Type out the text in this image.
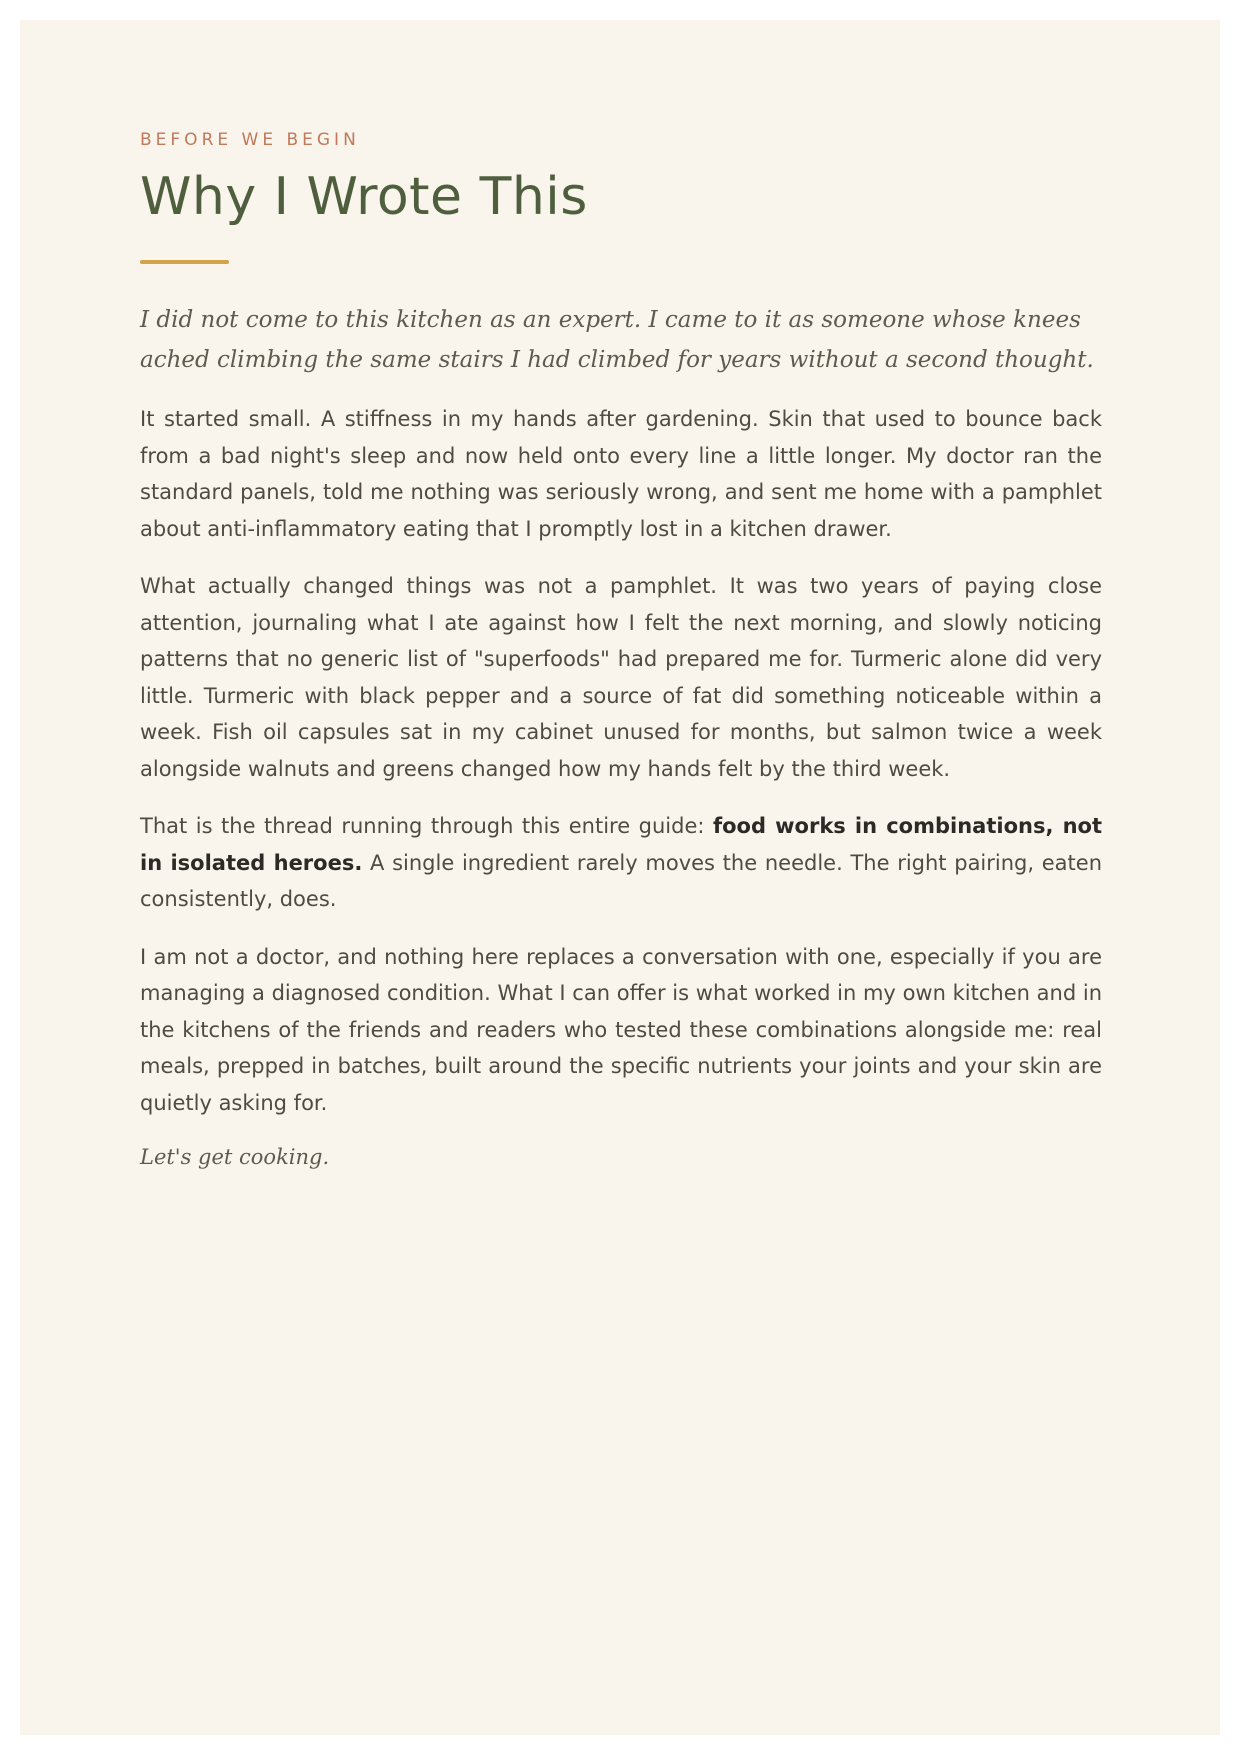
BEFORE WE BEGIN

Why I Wrote This

I did not come to this kitchen as an expert. I came to it as someone whose knees ached climbing the same stairs I had climbed for years without a second thought.

It started small. A stiffness in my hands after gardening. Skin that used to bounce back from a bad night's sleep and now held onto every line a little longer. My doctor ran the standard panels, told me nothing was seriously wrong, and sent me home with a pamphlet about anti-inflammatory eating that I promptly lost in a kitchen drawer.

What actually changed things was not a pamphlet. It was two years of paying close attention, journaling what I ate against how I felt the next morning, and slowly noticing patterns that no generic list of "superfoods" had prepared me for. Turmeric alone did very little. Turmeric with black pepper and a source of fat did something noticeable within a week. Fish oil capsules sat in my cabinet unused for months, but salmon twice a week alongside walnuts and greens changed how my hands felt by the third week.

That is the thread running through this entire guide: food works in combinations, not in isolated heroes. A single ingredient rarely moves the needle. The right pairing, eaten consistently, does.

I am not a doctor, and nothing here replaces a conversation with one, especially if you are managing a diagnosed condition. What I can offer is what worked in my own kitchen and in the kitchens of the friends and readers who tested these combinations alongside me: real meals, prepped in batches, built around the specific nutrients your joints and your skin are quietly asking for.

Let's get cooking.
